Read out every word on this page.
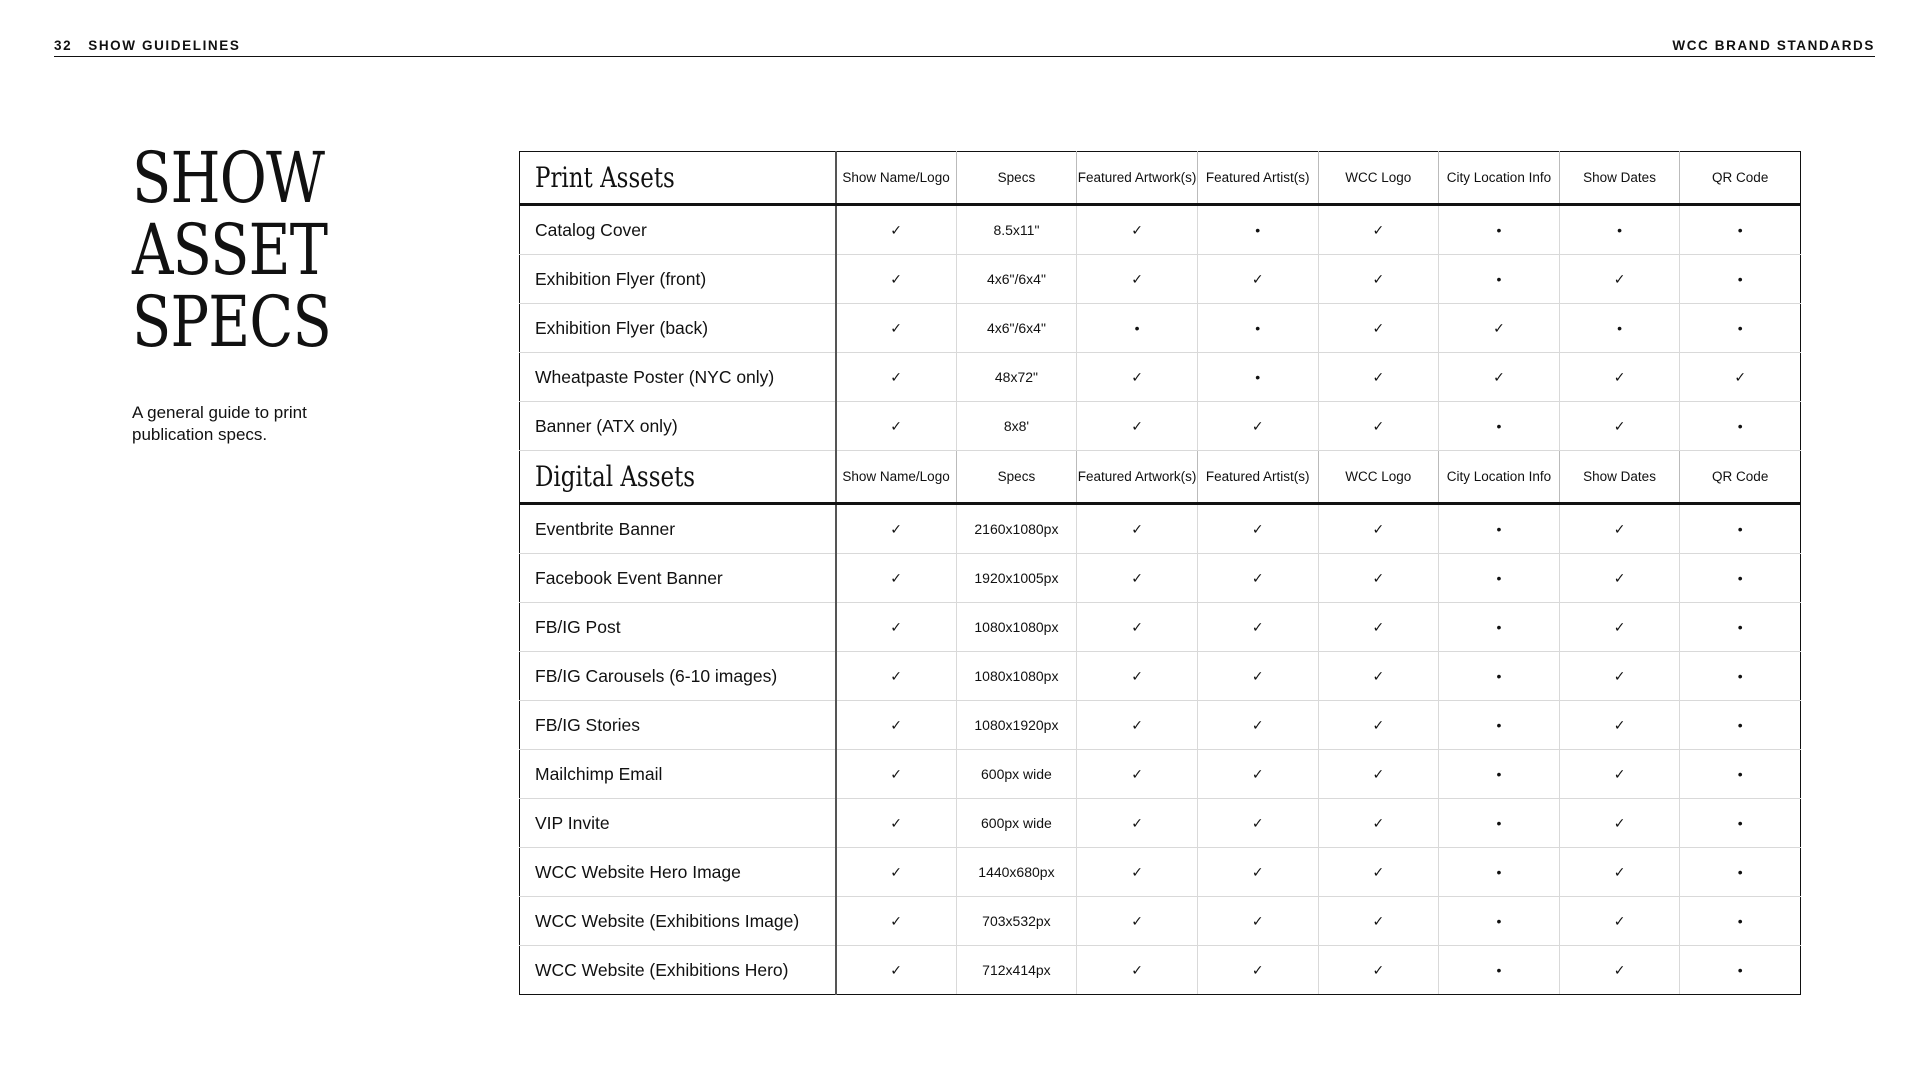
32 SHOW GUIDELINES	WCC BRAND STANDARDS
SHOW
ASSET
SPECS
A general guide to print publication specs.
Print Assets	Show Name/Logo	Specs	Featured Artwork(s)	Featured Artist(s)	WCC Logo	City Location Info	Show Dates	QR Code
Catalog Cover	✓	8.5x11"	✓	•	✓	•	•	•
Exhibition Flyer (front)	✓	4x6"/6x4"	✓	✓	✓	•	✓	•
Exhibition Flyer (back)	✓	4x6"/6x4"	•	•	✓	✓	•	•
Wheatpaste Poster (NYC only)	✓	48x72"	✓	•	✓	✓	✓	✓
Banner (ATX only)	✓	8x8'	✓	✓	✓	•	✓	•
Digital Assets	Show Name/Logo	Specs	Featured Artwork(s)	Featured Artist(s)	WCC Logo	City Location Info	Show Dates	QR Code
Eventbrite Banner	✓	2160x1080px	✓	✓	✓	•	✓	•
Facebook Event Banner	✓	1920x1005px	✓	✓	✓	•	✓	•
FB/IG Post	✓	1080x1080px	✓	✓	✓	•	✓	•
FB/IG Carousels (6-10 images)	✓	1080x1080px	✓	✓	✓	•	✓	•
FB/IG Stories	✓	1080x1920px	✓	✓	✓	•	✓	•
Mailchimp Email	✓	600px wide	✓	✓	✓	•	✓	•
VIP Invite	✓	600px wide	✓	✓	✓	•	✓	•
WCC Website Hero Image	✓	1440x680px	✓	✓	✓	•	✓	•
WCC Website (Exhibitions Image)	✓	703x532px	✓	✓	✓	•	✓	•
WCC Website (Exhibitions Hero)	✓	712x414px	✓	✓	✓	•	✓	•
